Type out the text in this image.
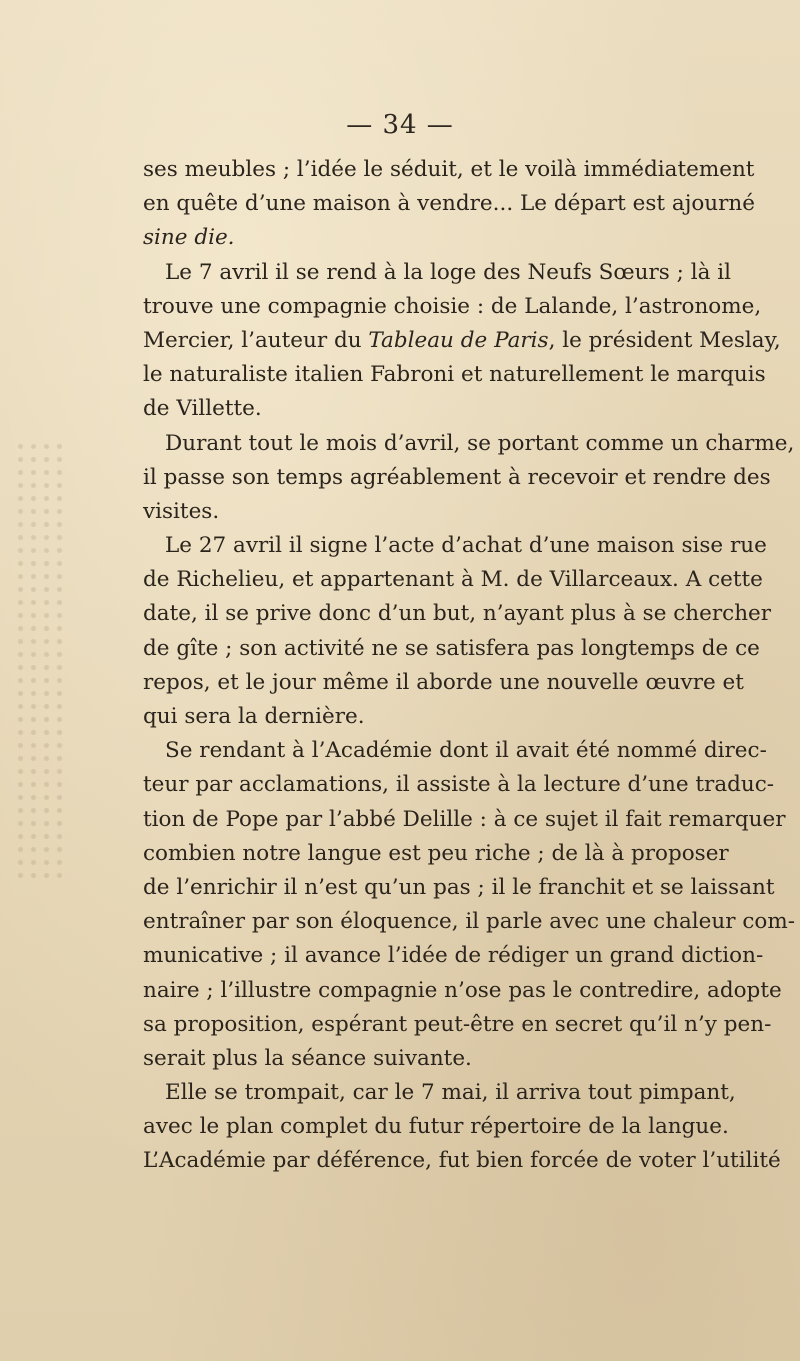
— 34 —
ses meubles ; l’idée le séduit, et le voilà immédiatement
en quête d’une maison à vendre... Le départ est ajourné
sine die.
Le 7 avril il se rend à la loge des Neufs Sœurs ; là il
trouve une compagnie choisie : de Lalande, l’astronome,
Mercier, l’auteur du Tableau de Paris, le président Meslay,
le naturaliste italien Fabroni et naturellement le marquis
de Villette.
Durant tout le mois d’avril, se portant comme un charme,
il passe son temps agréablement à recevoir et rendre des
visites.
Le 27 avril il signe l’acte d’achat d’une maison sise rue
de Richelieu, et appartenant à M. de Villarceaux. A cette
date, il se prive donc d’un but, n’ayant plus à se chercher
de gîte ; son activité ne se satisfera pas longtemps de ce
repos, et le jour même il aborde une nouvelle œuvre et
qui sera la dernière.
Se rendant à l’Académie dont il avait été nommé direc-
teur par acclamations, il assiste à la lecture d’une traduc-
tion de Pope par l’abbé Delille : à ce sujet il fait remarquer
combien notre langue est peu riche ; de là à proposer
de l’enrichir il n’est qu’un pas ; il le franchit et se laissant
entraîner par son éloquence, il parle avec une chaleur com-
municative ; il avance l’idée de rédiger un grand diction-
naire ; l’illustre compagnie n’ose pas le contredire, adopte
sa proposition, espérant peut-être en secret qu’il n’y pen-
serait plus la séance suivante.
Elle se trompait, car le 7 mai, il arriva tout pimpant,
avec le plan complet du futur répertoire de la langue.
L’Académie par déférence, fut bien forcée de voter l’utilité
